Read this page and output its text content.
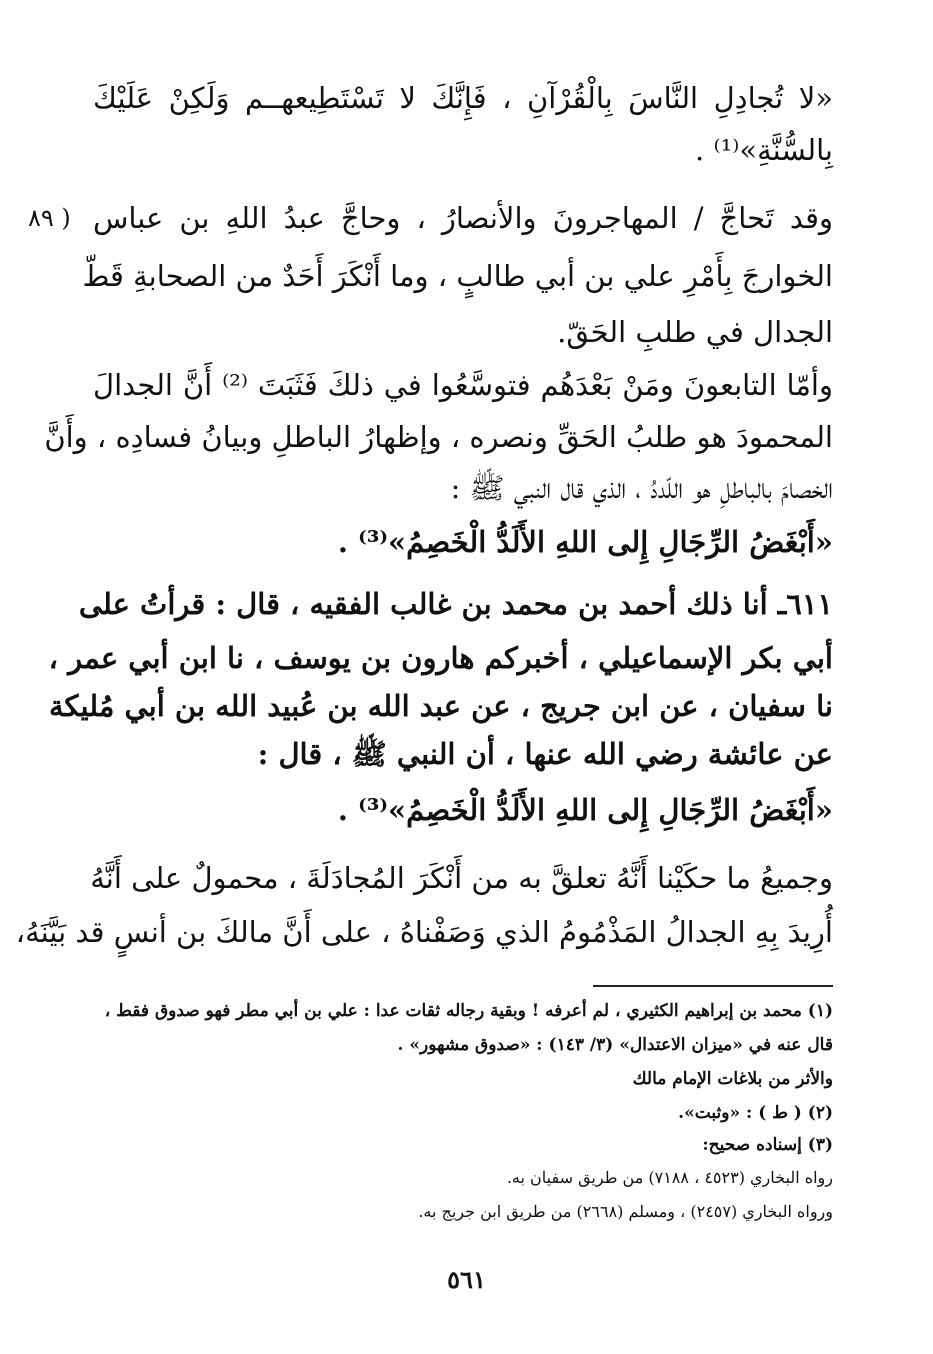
«لا تُجادِلِ النَّاسَ بِالْقُرْآنِ ، فَإِنَّكَ لا تَسْتَطِيعهــم وَلَكِنْ عَلَيْكَ
بِالسُّنَّةِ»⁽¹⁾ .
وقد تَحاجَّ / المهاجرونَ والأنصارُ ، وحاجَّ عبدُ اللهِ بن عباس
( ٨٩
الخوارجَ بِأَمْرِ علي بن أبي طالبٍ ، وما أَنْكَرَ أَحَدٌ من الصحابةِ قَطّ
الجدال في طلبِ الحَقّ.
وأمّا التابعونَ ومَنْ بَعْدَهُم فتوسَّعُوا في ذلكَ فَثَبَتَ ⁽²⁾ أَنَّ الجدالَ
المحمودَ هو طلبُ الحَقِّ ونصره ، وإظهارُ الباطلِ وبيانُ فسادِه ، وأَنَّ
الخصامَ بالباطلِ هو اللّددُ ، الذي قال النبي ﷺ :
«أَبْغَضُ الرِّجَالِ إِلى اللهِ الأَلَدُّ الْخَصِمُ»⁽³⁾ .
٦١١ـ أنا ذلك أحمد بن محمد بن غالب الفقيه ، قال : قرأتُ على
أبي بكر الإسماعيلي ، أخبركم هارون بن يوسف ، نا ابن أبي عمر ،
نا سفيان ، عن ابن جريج ، عن عبد الله بن عُبيد الله بن أبي مُليكة
عن عائشة رضي الله عنها ، أن النبي ﷺ ، قال :
«أَبْغَضُ الرِّجَالِ إِلى اللهِ الأَلَدُّ الْخَصِمُ»⁽³⁾ .
وجميعُ ما حكَيْنا أَنَّهُ تعلقَّ به من أَنْكَرَ المُجادَلَةَ ، محمولٌ على أَنَّهُ
أُرِيدَ بِهِ الجدالُ المَذْمُومُ الذي وَصَفْناهُ ، على أَنَّ مالكَ بن أنسٍ قد بَيَّنَهُ،
(١) محمد بن إبراهيم الكثيري ، لم أعرفه ! وبقية رجاله ثقات عدا : علي بن أبي مطر فهو صدوق فقط ،
قال عنه في «ميزان الاعتدال» (٣/ ١٤٣) : «صدوق مشهور» .
والأثر من بلاغات الإمام مالك
(٢) ( ط ) : «وثبت».
(٣) إسناده صحيح:
رواه البخاري (٤٥٢٣ ، ٧١٨٨) من طريق سفيان به.
ورواه البخاري (٢٤٥٧) ، ومسلم (٢٦٦٨) من طريق ابن جريج به.
٥٦١
